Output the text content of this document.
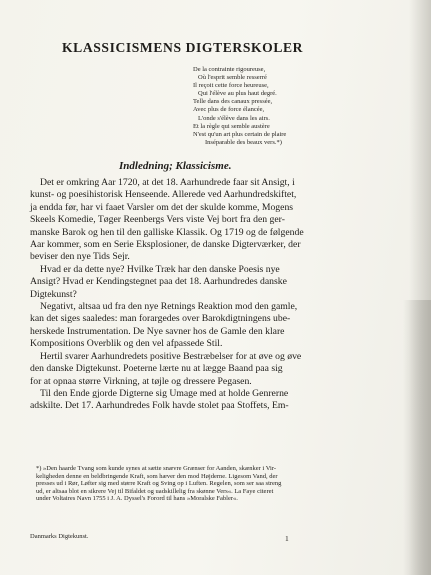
KLASSICISMENS DIGTERSKOLER
De la contrainte rigoureuse,
Où l'esprit semble resserré
Il reçoit cette force heureuse,
Qui l'élève au plus haut degré.
Telle dans des canaux pressée,
Avec plus de force élancée,
L'onde s'élève dans les airs.
Et la règle qui semble austère
N'est qu'un art plus certain de plaire
Inséparable des beaux vers.*)
Indledning; Klassicisme.
Det er omkring Aar 1720, at det 18. Aarhundrede faar sit Ansigt, i
kunst- og poesihistorisk Henseende. Allerede ved Aarhundredskiftet,
ja endda før, har vi faaet Varsler om det der skulde komme, Mogens
Skeels Komedie, Tøger Reenbergs Vers viste Vej bort fra den ger-
manske Barok og hen til den galliske Klassik. Og 1719 og de følgende
Aar kommer, som en Serie Eksplosioner, de danske Digterværker, der
beviser den nye Tids Sejr.
Hvad er da dette nye? Hvilke Træk har den danske Poesis nye
Ansigt? Hvad er Kendingstegnet paa det 18. Aarhundredes danske
Digtekunst?
Negativt, altsaa ud fra den nye Retnings Reaktion mod den gamle,
kan det siges saaledes: man forargedes over Barokdigtningens ube-
herskede Instrumentation. De Nye savner hos de Gamle den klare
Kompositions Overblik og den vel afpassede Stil.
Hertil svarer Aarhundredets positive Bestræbelser for at øve og øve
den danske Digtekunst. Poeterne lærte nu at lægge Baand paa sig
for at opnaa større Virkning, at tøjle og dressere Pegasen.
Til den Ende gjorde Digterne sig Umage med at holde Genrerne
adskilte. Det 17. Aarhundredes Folk havde stolet paa Stoffets, Em-
*) »Den haarde Tvang som kunde synes at sætte snævre Grænser for Aanden, skænker i Vir-
keligheden denne en beldbringende Kraft, som hæver den mod Højderne. Ligesom Vand, der
presses ud i Rør, Løfter sig med større Kraft og Sving op i Luften. Regelen, som ser saa streng
ud, er altsaa blot en sikrere Vej til Bifaldet og uadskillelig fra skønne Vers«. La Faye citeret
under Voltaires Navn 1755 i J. A. Dyssel's Forord til hans »Moralske Fabler«.
Danmarks Digtekunst.	1
